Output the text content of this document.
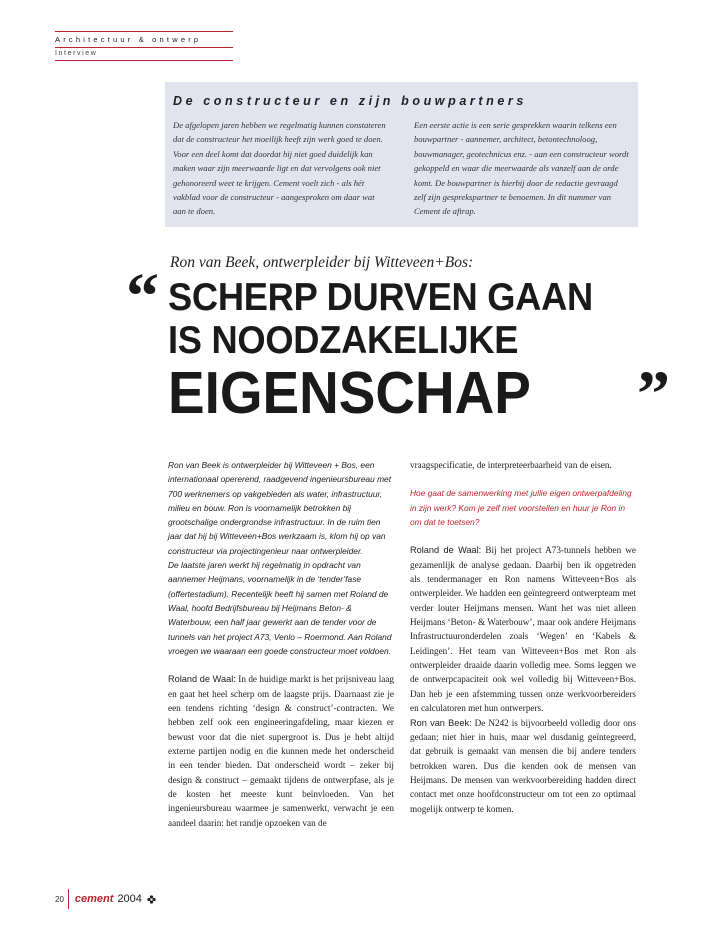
Architectuur & ontwerp
Interview
De constructeur en zijn bouwpartners
De afgelopen jaren hebben we regelmatig kunnen constateren dat de constructeur het moeilijk heeft zijn werk goed te doen. Voor een deel komt dat doordat hij niet goed duidelijk kan maken waar zijn meerwaarde ligt en dat vervolgens ook niet gehonoreerd weet te krijgen. Cement voelt zich - als hét vakblad voor de constructeur - aangesproken om daar wat aan te doen.
Een eerste actie is een serie gesprekken waarin telkens een bouwpartner - aannemer, architect, betontechnoloog, bouwmanager, geotechnicus enz. - aan een constructeur wordt gekoppeld en waar die meerwaarde als vanzelf aan de orde komt. De bouwpartner is hierbij door de redactie gevraagd zelf zijn gesprekspartner te benoemen. In dit nummer van Cement de aftrap.
Ron van Beek, ontwerpleider bij Witteveen+Bos:
“ SCHERP DURVEN GAAN
IS NOODZAKELIJKE
EIGENSCHAP	”

Ron van Beek is ontwerpleider bij Witteveen + Bos, een internationaal opererend, raadgevend ingenieursbureau met 700 werknemers op vakgebieden als water, infrastructuur, milieu en bouw. Ron is voornamelijk betrokken bij grootschalige ondergrondse infrastructuur. In de ruim tien jaar dat hij bij Witteveen+Bos werkzaam is, klom hij op van constructeur via projectingenieur naar ontwerpleider.

De laatste jaren werkt hij regelmatig in opdracht van aannemer Heijmans, voornamelijk in de ‘tender’fase (offertestadium). Recentelijk heeft hij samen met Roland de Waal, hoofd Bedrijfsbureau bij Heijmans Beton- & Waterbouw, een half jaar gewerkt aan de tender voor de tunnels van het project A73, Venlo – Roermond. Aan Roland vroegen we waaraan een goede constructeur moet voldoen.

Roland de Waal: In de huidige markt is het prijsniveau laag en gaat het heel scherp om de laagste prijs. Daarnaast zie je een tendens richting ‘design & construct’-contracten. We hebben zelf ook een engineeringafdeling, maar kiezen er bewust voor dat die niet supergroot is. Dus je hebt altijd externe partijen nodig en die kunnen mede het onderscheid in een tender bieden. Dat onderscheid wordt – zeker bij design & construct – gemaakt tijdens de ontwerpfase, als je de kosten het meeste kunt beïnvloeden. Van het ingenieursbureau waarmee je samenwerkt, verwacht je een aandeel daarin: het randje opzoeken van de

vraagspecificatie, de interpreteerbaarheid van de eisen.

Hoe gaat de samenwerking met jullie eigen ontwerpafdeling in zijn werk? Kom je zelf met voorstellen en huur je Ron in om dat te toetsen?

Roland de Waal: Bij het project A73-tunnels hebben we gezamenlijk de analyse gedaan. Daarbij ben ik opgetreden als tendermanager en Ron namens Witteveen+Bos als ontwerpleider. We hadden een geïntegreerd ontwerpteam met verder louter Heijmans mensen. Want het was niet alleen Heijmans ‘Beton- & Waterbouw’, maar ook andere Heijmans Infrastructuuronderdelen zoals ‘Wegen’ en ‘Kabels & Leidingen’. Het team van Witteveen+Bos met Ron als ontwerpleider draaide daarin volledig mee. Soms leggen we de ontwerpcapaciteit ook wel volledig bij Witteveen+Bos. Dan heb je een afstemming tussen onze werkvoorbereiders en calculatoren met hun ontwerpers.

Ron van Beek: De N242 is bijvoorbeeld volledig door ons gedaan; niet hier in huis, maar wel dusdanig geïntegreerd, dat gebruik is gemaakt van mensen die bij andere tenders betrokken waren. Dus die kenden ook de mensen van Heijmans. De mensen van werkvoorbereiding hadden direct contact met onze hoofdconstructeur om tot een zo optimaal mogelijk ontwerp te komen.

20 cement 2004
